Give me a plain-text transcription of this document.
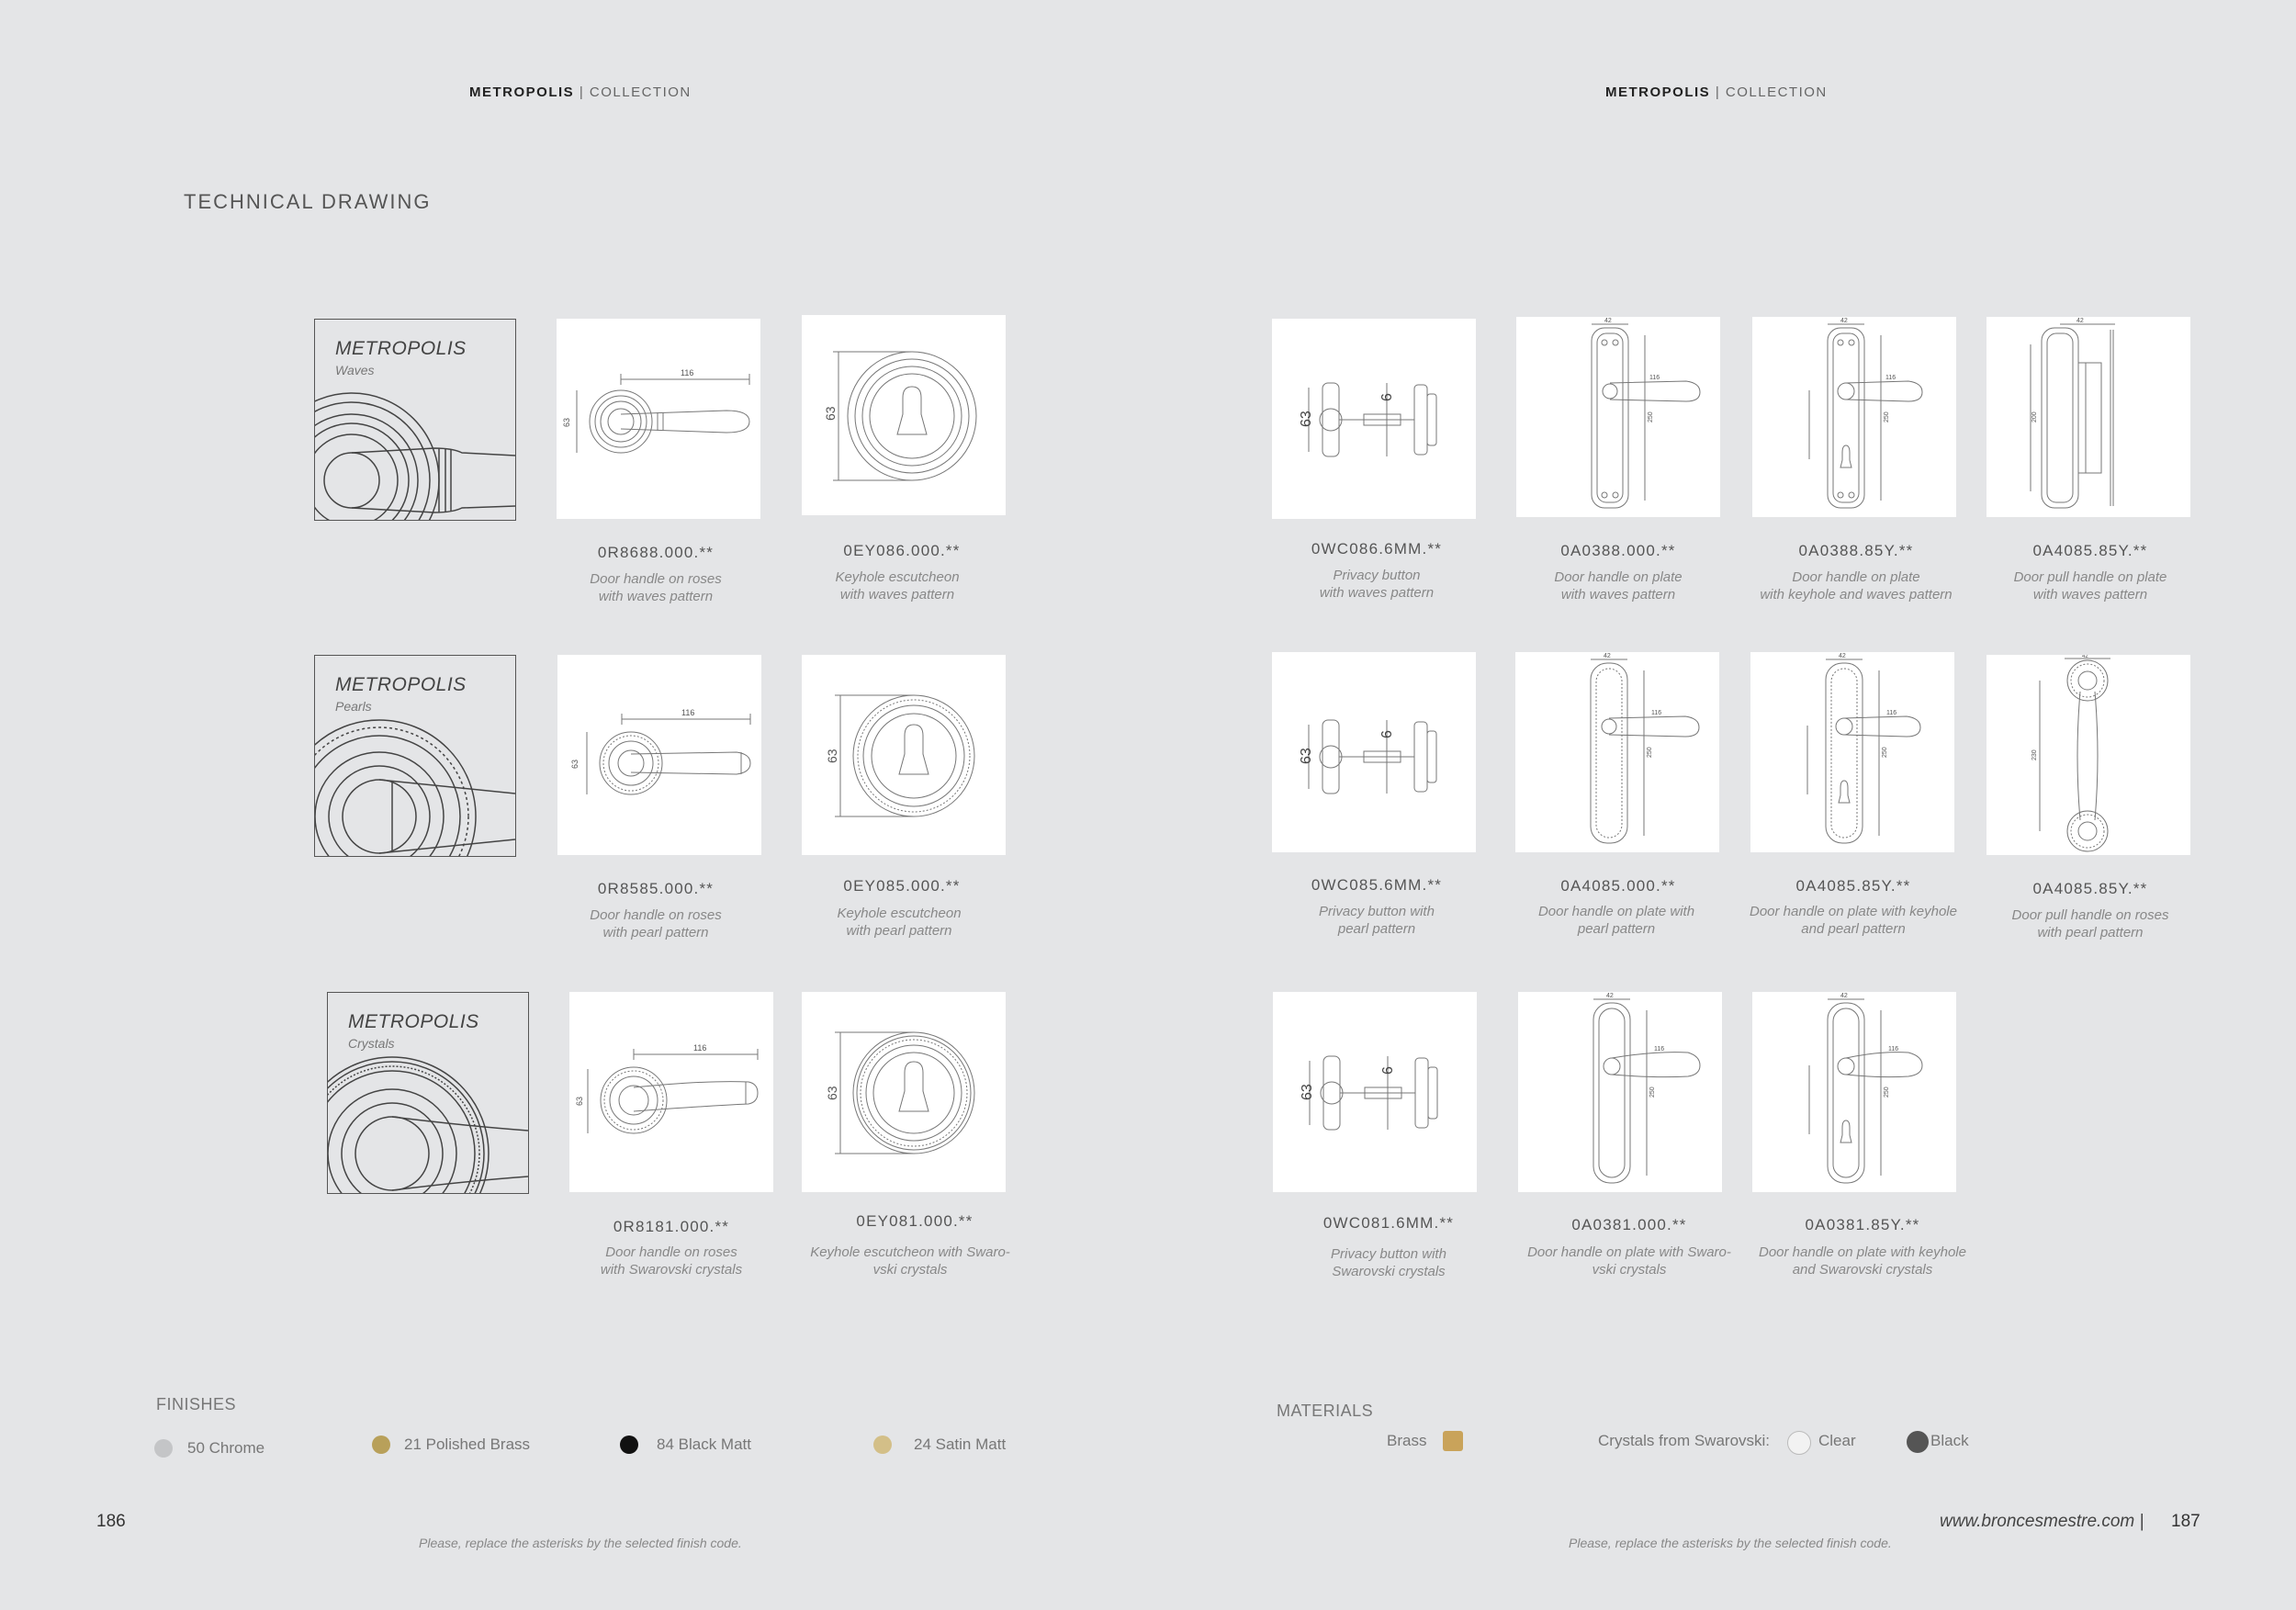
METROPOLIS | COLLECTION	METROPOLIS | COLLECTION
TECHNICAL DRAWING
METROPOLIS
Waves
METROPOLIS
Pearls
METROPOLIS
Crystals
116
63
63	63
6
42
116
250
42
116
250
42
200
116
63
63	63
6
42
116
250
42
116
250
42
230
116
63
63	63
6
42
116
250
42
116
250
0R8688.000.**
Door handle on roses
with waves pattern
0EY086.000.**
Keyhole escutcheon
with waves pattern
0WC086.6MM.**
Privacy button
with waves pattern
0A0388.000.**
Door handle on plate
with waves pattern
0A0388.85Y.**
Door handle on plate
with keyhole and waves pattern
0A4085.85Y.**
Door pull handle on plate
with waves pattern
0R8585.000.**
Door handle on roses
with pearl pattern
0EY085.000.**
Keyhole escutcheon
with pearl pattern
0WC085.6MM.**
Privacy button with
pearl pattern
0A4085.000.**
Door handle on plate with
pearl pattern
0A4085.85Y.**
Door handle on plate with keyhole
and pearl pattern
0A4085.85Y.**
Door pull handle on roses
with pearl pattern
0R8181.000.**
Door handle on roses
with Swarovski crystals
0EY081.000.**
Keyhole escutcheon with Swaro-
vski crystals
0WC081.6MM.**
Privacy button with
Swarovski crystals
0A0381.000.**
Door handle on plate with Swaro-
vski crystals
0A0381.85Y.**
Door handle on plate with keyhole
and Swarovski crystals
FINISHES
50 Chrome	21 Polished Brass	84 Black Matt	24 Satin Matt
MATERIALS
Brass	Crystals from Swarovski:	Clear	Black
186
Please, replace the asterisks by the selected finish code.	Please, replace the asterisks by the selected finish code.
www.broncesmestre.com | 187
